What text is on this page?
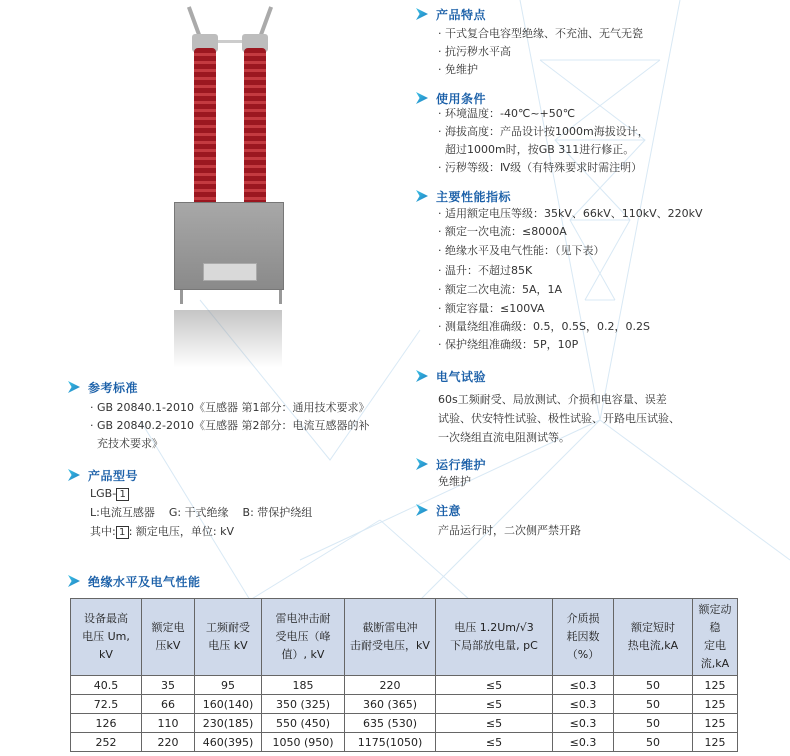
产品特点
· 干式复合电容型绝缘、不充油、无气无瓷
· 抗污秽水平高
· 免维护
使用条件
· 环境温度：-40℃~+50℃
· 海拔高度：产品设计按1000m海拔设计，
超过1000m时，按GB 311进行修正。
· 污秽等级：Ⅳ级（有特殊要求时需注明）
主要性能指标
· 适用额定电压等级：35kV、66kV、110kV、220kV
· 额定一次电流：≤8000A
· 绝缘水平及电气性能：（见下表）
· 温升：不超过85K
· 额定二次电流：5A，1A
· 额定容量：≤100VA
· 测量绕组准确级：0.5，0.5S，0.2，0.2S
· 保护绕组准确级：5P，10P
电气试验
60s工频耐受、局放测试、介损和电容量、误差
试验、伏安特性试验、极性试验、开路电压试验、
一次绕组直流电阻测试等。
运行维护
免维护
注意
产品运行时，二次侧严禁开路
参考标准
· GB 20840.1-2010《互感器 第1部分：通用技术要求》
· GB 20840.2-2010《互感器 第2部分：电流互感器的补
充技术要求》
产品型号
LGB- 1
L:电流互感器    G: 干式绝缘    B: 带保护绕组
其中: 1 : 额定电压，单位: kV
绝缘水平及电气性能
设备最高
电压 Um,
kV	额定电
压kV	工频耐受
电压 kV	雷电冲击耐
受电压（峰
值）, kV	截断雷电冲
击耐受电压，kV	电压 1.2Um/√3
下局部放电量, pC	介质损
耗因数
（%）	额定短时
热电流,kA	额定动稳
定电流,kA
40.5	35	95	185	220	≤5	≤0.3	50	125
72.5	66	160(140)	350 (325)	360 (365)	≤5	≤0.3	50	125
126	110	230(185)	550 (450)	635 (530)	≤5	≤0.3	50	125
252	220	460(395)	1050 (950)	1175(1050)	≤5	≤0.3	50	125
